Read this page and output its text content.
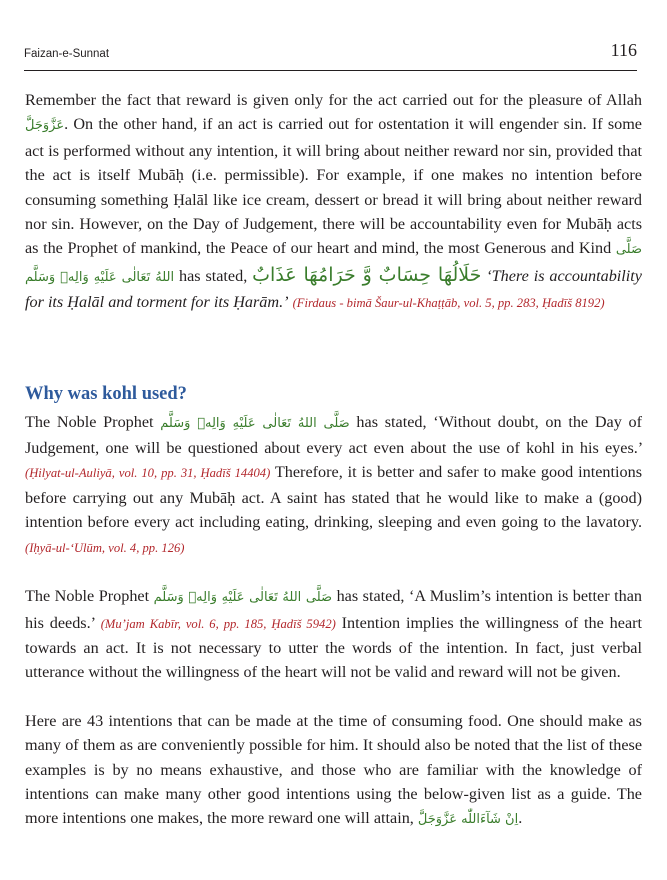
Faizan-e-Sunnat	116

Remember the fact that reward is given only for the act carried out for the pleasure of Allah عَزَّوَجَلَّ. On the other hand, if an act is carried out for ostentation it will engender sin. If some act is performed without any intention, it will bring about neither reward nor sin, provided that the act is itself Mubāḥ (i.e. permissible). For example, if one makes no intention before consuming something Ḥalāl like ice cream, dessert or bread it will bring about neither reward nor sin. However, on the Day of Judgement, there will be accountability even for Mubāḥ acts as the Prophet of mankind, the Peace of our heart and mind, the most Generous and Kind صَلَّی اللهُ تَعَالٰی عَلَیْهِ وَالِهٖ وَسَلَّم has stated, حَلَالُهَا حِسَابٌ وَّ حَرَامُهَا عَذَابٌ ‘There is accountability for its Ḥalāl and torment for its Ḥarām.’ (Firdaus - bimā Šaur-ul-Khaṭṭāb, vol. 5, pp. 283, Ḥadīš 8192)

Why was kohl used?

The Noble Prophet صَلَّی اللهُ تَعَالٰی عَلَیْهِ وَالِهٖ وَسَلَّم has stated, ‘Without doubt, on the Day of Judgement, one will be questioned about every act even about the use of kohl in his eyes.’ (Ḥilyat-ul-Auliyā, vol. 10, pp. 31, Ḥadīš 14404) Therefore, it is better and safer to make good intentions before carrying out any Mubāḥ act. A saint has stated that he would like to make a (good) intention before every act including eating, drinking, sleeping and even going to the lavatory. (Iḥyā-ul-‘Ulūm, vol. 4, pp. 126)

The Noble Prophet صَلَّی اللهُ تَعَالٰی عَلَیْهِ وَالِهٖ وَسَلَّم has stated, ‘A Muslim’s intention is better than his deeds.’ (Mu’jam Kabīr, vol. 6, pp. 185, Ḥadīš 5942) Intention implies the willingness of the heart towards an act. It is not necessary to utter the words of the intention. In fact, just verbal utterance without the willingness of the heart will not be valid and reward will not be given.

Here are 43 intentions that can be made at the time of consuming food. One should make as many of them as are conveniently possible for him. It should also be noted that the list of these examples is by no means exhaustive, and those who are familiar with the knowledge of intentions can make many other good intentions using the below-given list as a guide. The more intentions one makes, the more reward one will attain, اِنْ شَآءَاللّٰه عَزَّوَجَلَّ.
